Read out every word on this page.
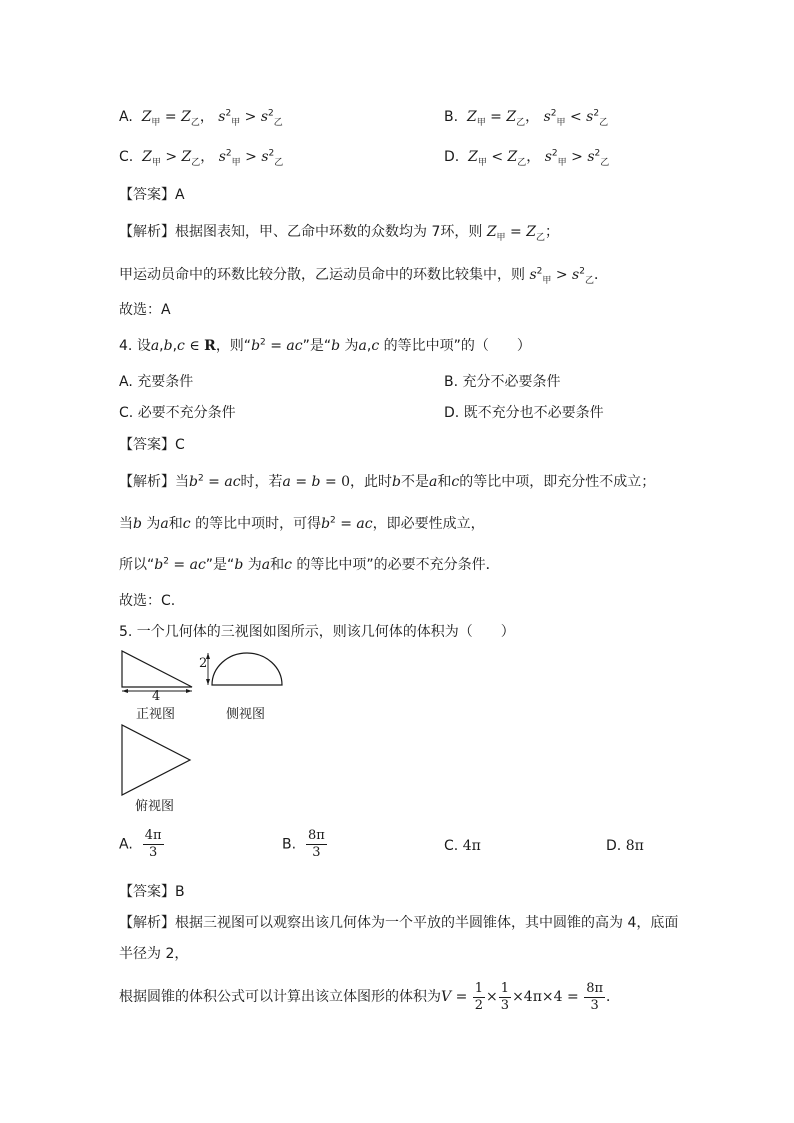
A. $Z_甲 = Z_乙$， $s^2_甲 > s^2_乙$	B. $Z_甲 = Z_乙$， $s^2_甲 < s^2_乙$
C. $Z_甲 > Z_乙$， $s^2_甲 > s^2_乙$	D. $Z_甲 < Z_乙$， $s^2_甲 > s^2_乙$
【答案】A
【解析】根据图表知，甲、乙命中环数的众数均为 7环，则 $Z_甲 = Z_乙$；
甲运动员命中的环数比较分散，乙运动员命中的环数比较集中，则 $s^2_甲 > s^2_乙$．
故选：A
4. 设a,b,c ∈ R，则“$b^2$ = ac”是“b 为a,c 的等比中项”的（　　）
A. 充要条件	B. 充分不必要条件
C. 必要不充分条件	D. 既不充分也不必要条件
【答案】C
【解析】当$b^2$ = ac时，若a = b = 0，此时b不是a和c的等比中项，即充分性不成立；
当b 为a和c 的等比中项时，可得$b^2$ = ac，即必要性成立，
所以“$b^2$ = ac”是“b 为a和c 的等比中项”的必要不充分条件．
故选：C.
5. 一个几何体的三视图如图所示，则该几何体的体积为（　　）
4
2
正视图	侧视图
俯视图
A. $\frac{4\pi}{3}$	B. $\frac{8\pi}{3}$	C. 4π	D. 8π
【答案】B
【解析】根据三视图可以观察出该几何体为一个平放的半圆锥体，其中圆锥的高为 4，底面
半径为 2，
根据圆锥的体积公式可以计算出该立体图形的体积为$V = \frac{1}{2} \times \frac{1}{3} \times 4\pi\times 4 = \frac{8\pi}{3}$ ．
